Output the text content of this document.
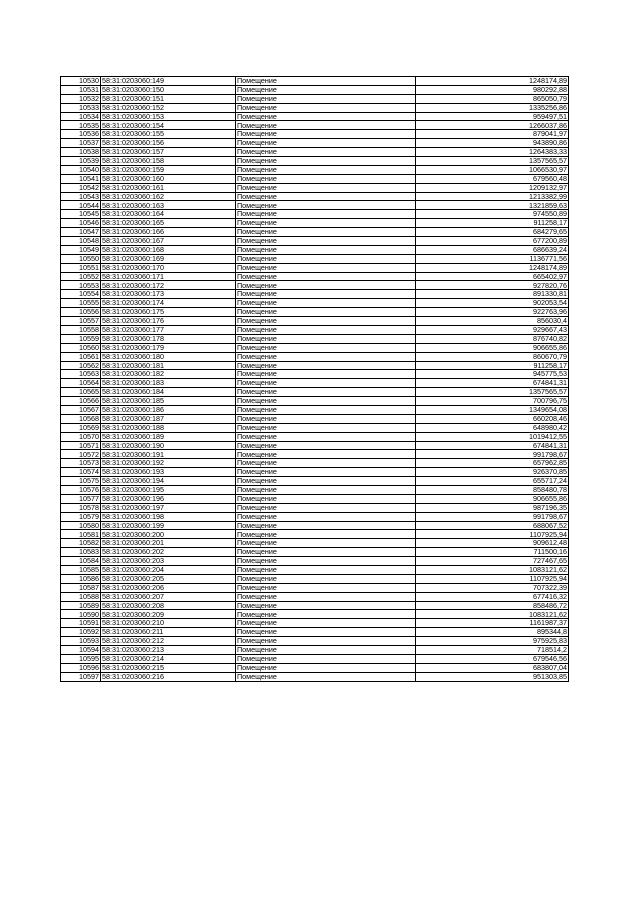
10530	58:31:0203060:149	Помещение	1248174,89
10531	58:31:0203060:150	Помещение	980292,88
10532	58:31:0203060:151	Помещение	865050,79
10533	58:31:0203060:152	Помещение	1335256,86
10534	58:31:0203060:153	Помещение	959497,51
10535	58:31:0203060:154	Помещение	1266037,86
10536	58:31:0203060:155	Помещение	879041,97
10537	58:31:0203060:156	Помещение	943890,86
10538	58:31:0203060:157	Помещение	1264383,33
10539	58:31:0203060:158	Помещение	1357565,57
10540	58:31:0203060:159	Помещение	1066530,97
10541	58:31:0203060:160	Помещение	679560,48
10542	58:31:0203060:161	Помещение	1209132,97
10543	58:31:0203060:162	Помещение	1213382,99
10544	58:31:0203060:163	Помещение	1321859,63
10545	58:31:0203060:164	Помещение	974550,89
10546	58:31:0203060:165	Помещение	911258,17
10547	58:31:0203060:166	Помещение	684279,65
10548	58:31:0203060:167	Помещение	677200,89
10549	58:31:0203060:168	Помещение	686639,24
10550	58:31:0203060:169	Помещение	1136771,56
10551	58:31:0203060:170	Помещение	1248174,89
10552	58:31:0203060:171	Помещение	665402,97
10553	58:31:0203060:172	Помещение	927820,76
10554	58:31:0203060:173	Помещение	891330,81
10555	58:31:0203060:174	Помещение	902053,54
10556	58:31:0203060:175	Помещение	922763,96
10557	58:31:0203060:176	Помещение	856030,4
10558	58:31:0203060:177	Помещение	929667,43
10559	58:31:0203060:178	Помещение	876740,82
10560	58:31:0203060:179	Помещение	906655,86
10561	58:31:0203060:180	Помещение	860670,79
10562	58:31:0203060:181	Помещение	911258,17
10563	58:31:0203060:182	Помещение	945775,53
10564	58:31:0203060:183	Помещение	674841,31
10565	58:31:0203060:184	Помещение	1357565,57
10566	58:31:0203060:185	Помещение	700796,75
10567	58:31:0203060:186	Помещение	1349654,08
10568	58:31:0203060:187	Помещение	660208,46
10569	58:31:0203060:188	Помещение	648980,42
10570	58:31:0203060:189	Помещение	1019412,55
10571	58:31:0203060:190	Помещение	674841,31
10572	58:31:0203060:191	Помещение	991798,67
10573	58:31:0203060:192	Помещение	657962,85
10574	58:31:0203060:193	Помещение	926370,85
10575	58:31:0203060:194	Помещение	655717,24
10576	58:31:0203060:195	Помещение	858480,78
10577	58:31:0203060:196	Помещение	906655,86
10578	58:31:0203060:197	Помещение	987196,35
10579	58:31:0203060:198	Помещение	991798,67
10580	58:31:0203060:199	Помещение	688067,52
10581	58:31:0203060:200	Помещение	1107925,94
10582	58:31:0203060:201	Помещение	909612,48
10583	58:31:0203060:202	Помещение	711500,16
10584	58:31:0203060:203	Помещение	727467,65
10585	58:31:0203060:204	Помещение	1083121,62
10586	58:31:0203060:205	Помещение	1107925,94
10587	58:31:0203060:206	Помещение	707322,39
10588	58:31:0203060:207	Помещение	677416,32
10589	58:31:0203060:208	Помещение	858486,72
10590	58:31:0203060:209	Помещение	1083121,62
10591	58:31:0203060:210	Помещение	1161987,37
10592	58:31:0203060:211	Помещение	895344,8
10593	58:31:0203060:212	Помещение	975925,83
10594	58:31:0203060:213	Помещение	718514,2
10595	58:31:0203060:214	Помещение	679546,56
10596	58:31:0203060:215	Помещение	683807,04
10597	58:31:0203060:216	Помещение	951303,85
